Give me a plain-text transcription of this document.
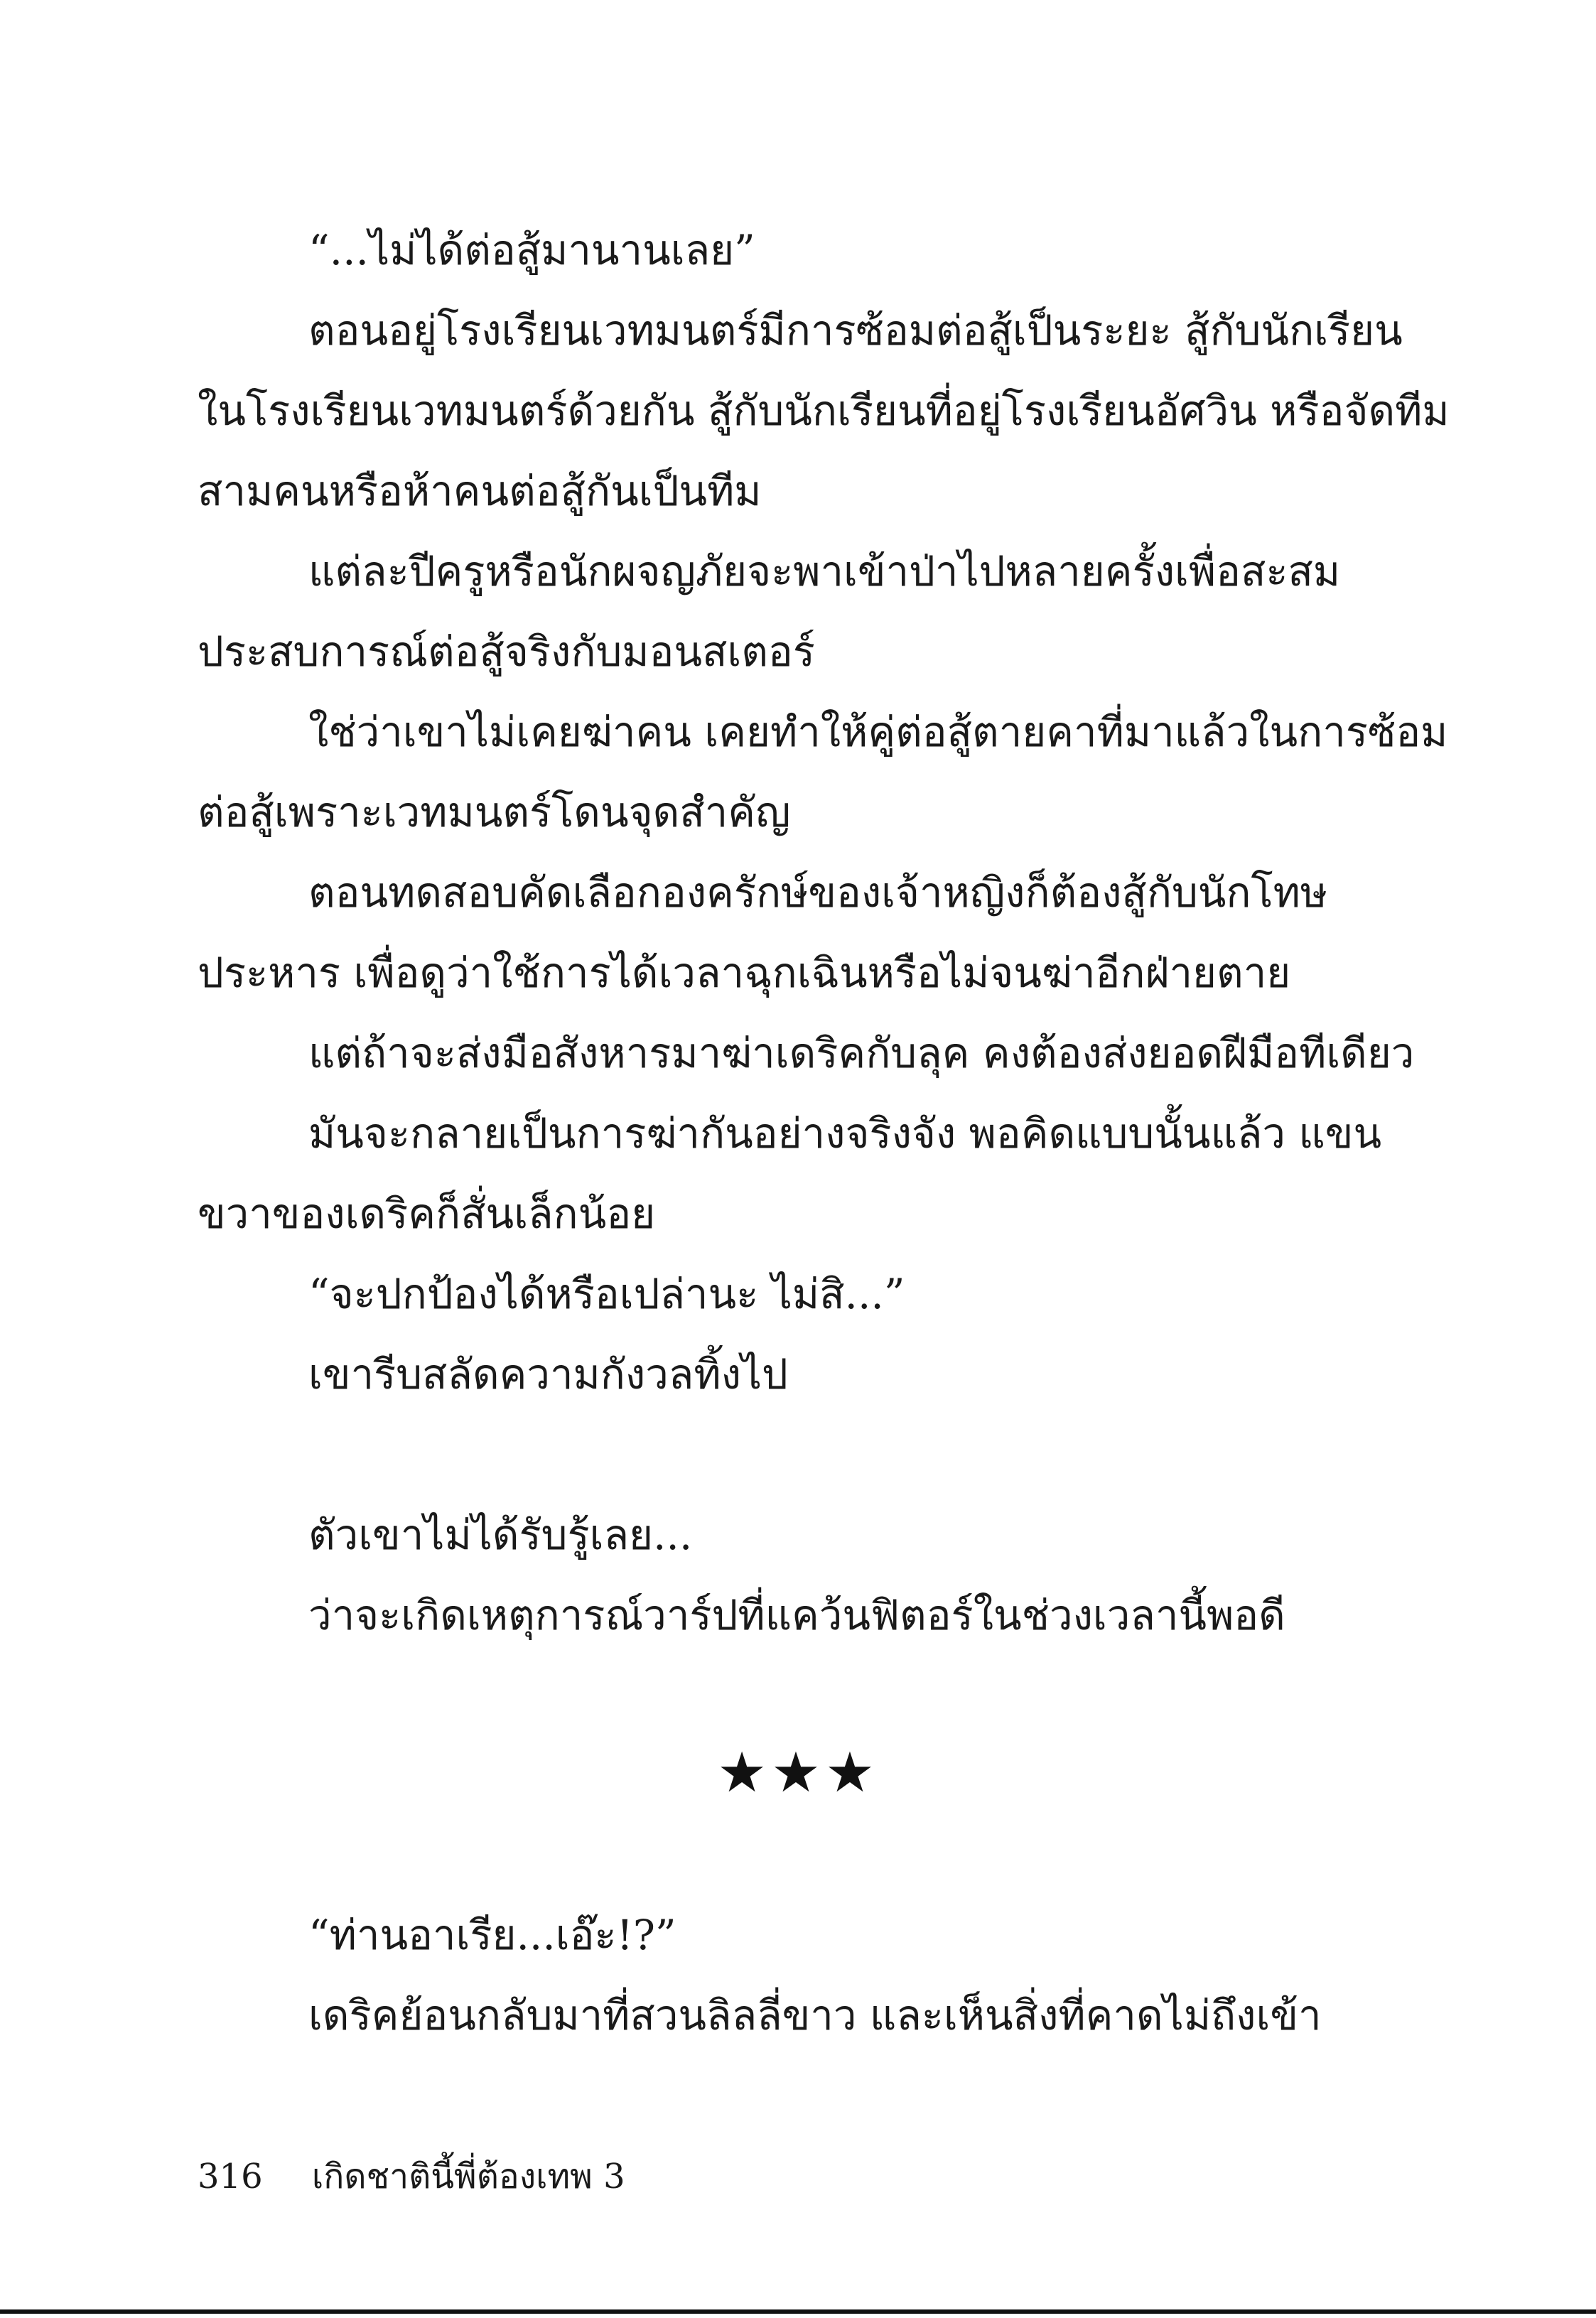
“...ไม่ได้ต่อสู้มานานเลย”
ตอนอยู่โรงเรียนเวทมนตร์มีการซ้อมต่อสู้เป็นระยะ สู้กับนักเรียน
ในโรงเรียนเวทมนตร์ด้วยกัน สู้กับนักเรียนที่อยู่โรงเรียนอัศวิน หรือจัดทีม
สามคนหรือห้าคนต่อสู้กันเป็นทีม
แต่ละปีครูหรือนักผจญภัยจะพาเข้าป่าไปหลายครั้งเพื่อสะสม
ประสบการณ์ต่อสู้จริงกับมอนสเตอร์
ใช่ว่าเขาไม่เคยฆ่าคน เคยทำให้คู่ต่อสู้ตายคาที่มาแล้วในการซ้อม
ต่อสู้เพราะเวทมนตร์โดนจุดสำคัญ
ตอนทดสอบคัดเลือกองครักษ์ของเจ้าหญิงก็ต้องสู้กับนักโทษ
ประหาร เพื่อดูว่าใช้การได้เวลาฉุกเฉินหรือไม่จนฆ่าอีกฝ่ายตาย
แต่ถ้าจะส่งมือสังหารมาฆ่าเดริคกับลุค คงต้องส่งยอดฝีมือทีเดียว
มันจะกลายเป็นการฆ่ากันอย่างจริงจัง พอคิดแบบนั้นแล้ว แขน
ขวาของเดริคก็สั่นเล็กน้อย
“จะปกป้องได้หรือเปล่านะ ไม่สิ...”
เขารีบสลัดความกังวลทิ้งไป
ตัวเขาไม่ได้รับรู้เลย...
ว่าจะเกิดเหตุการณ์วาร์ปที่แคว้นฟิตอร์ในช่วงเวลานี้พอดี
★★★
“ท่านอาเรีย...เอ๊ะ!?”
เดริคย้อนกลับมาที่สวนลิลลี่ขาว และเห็นสิ่งที่คาดไม่ถึงเข้า
316 เกิดชาตินี้พี่ต้องเทพ 3
